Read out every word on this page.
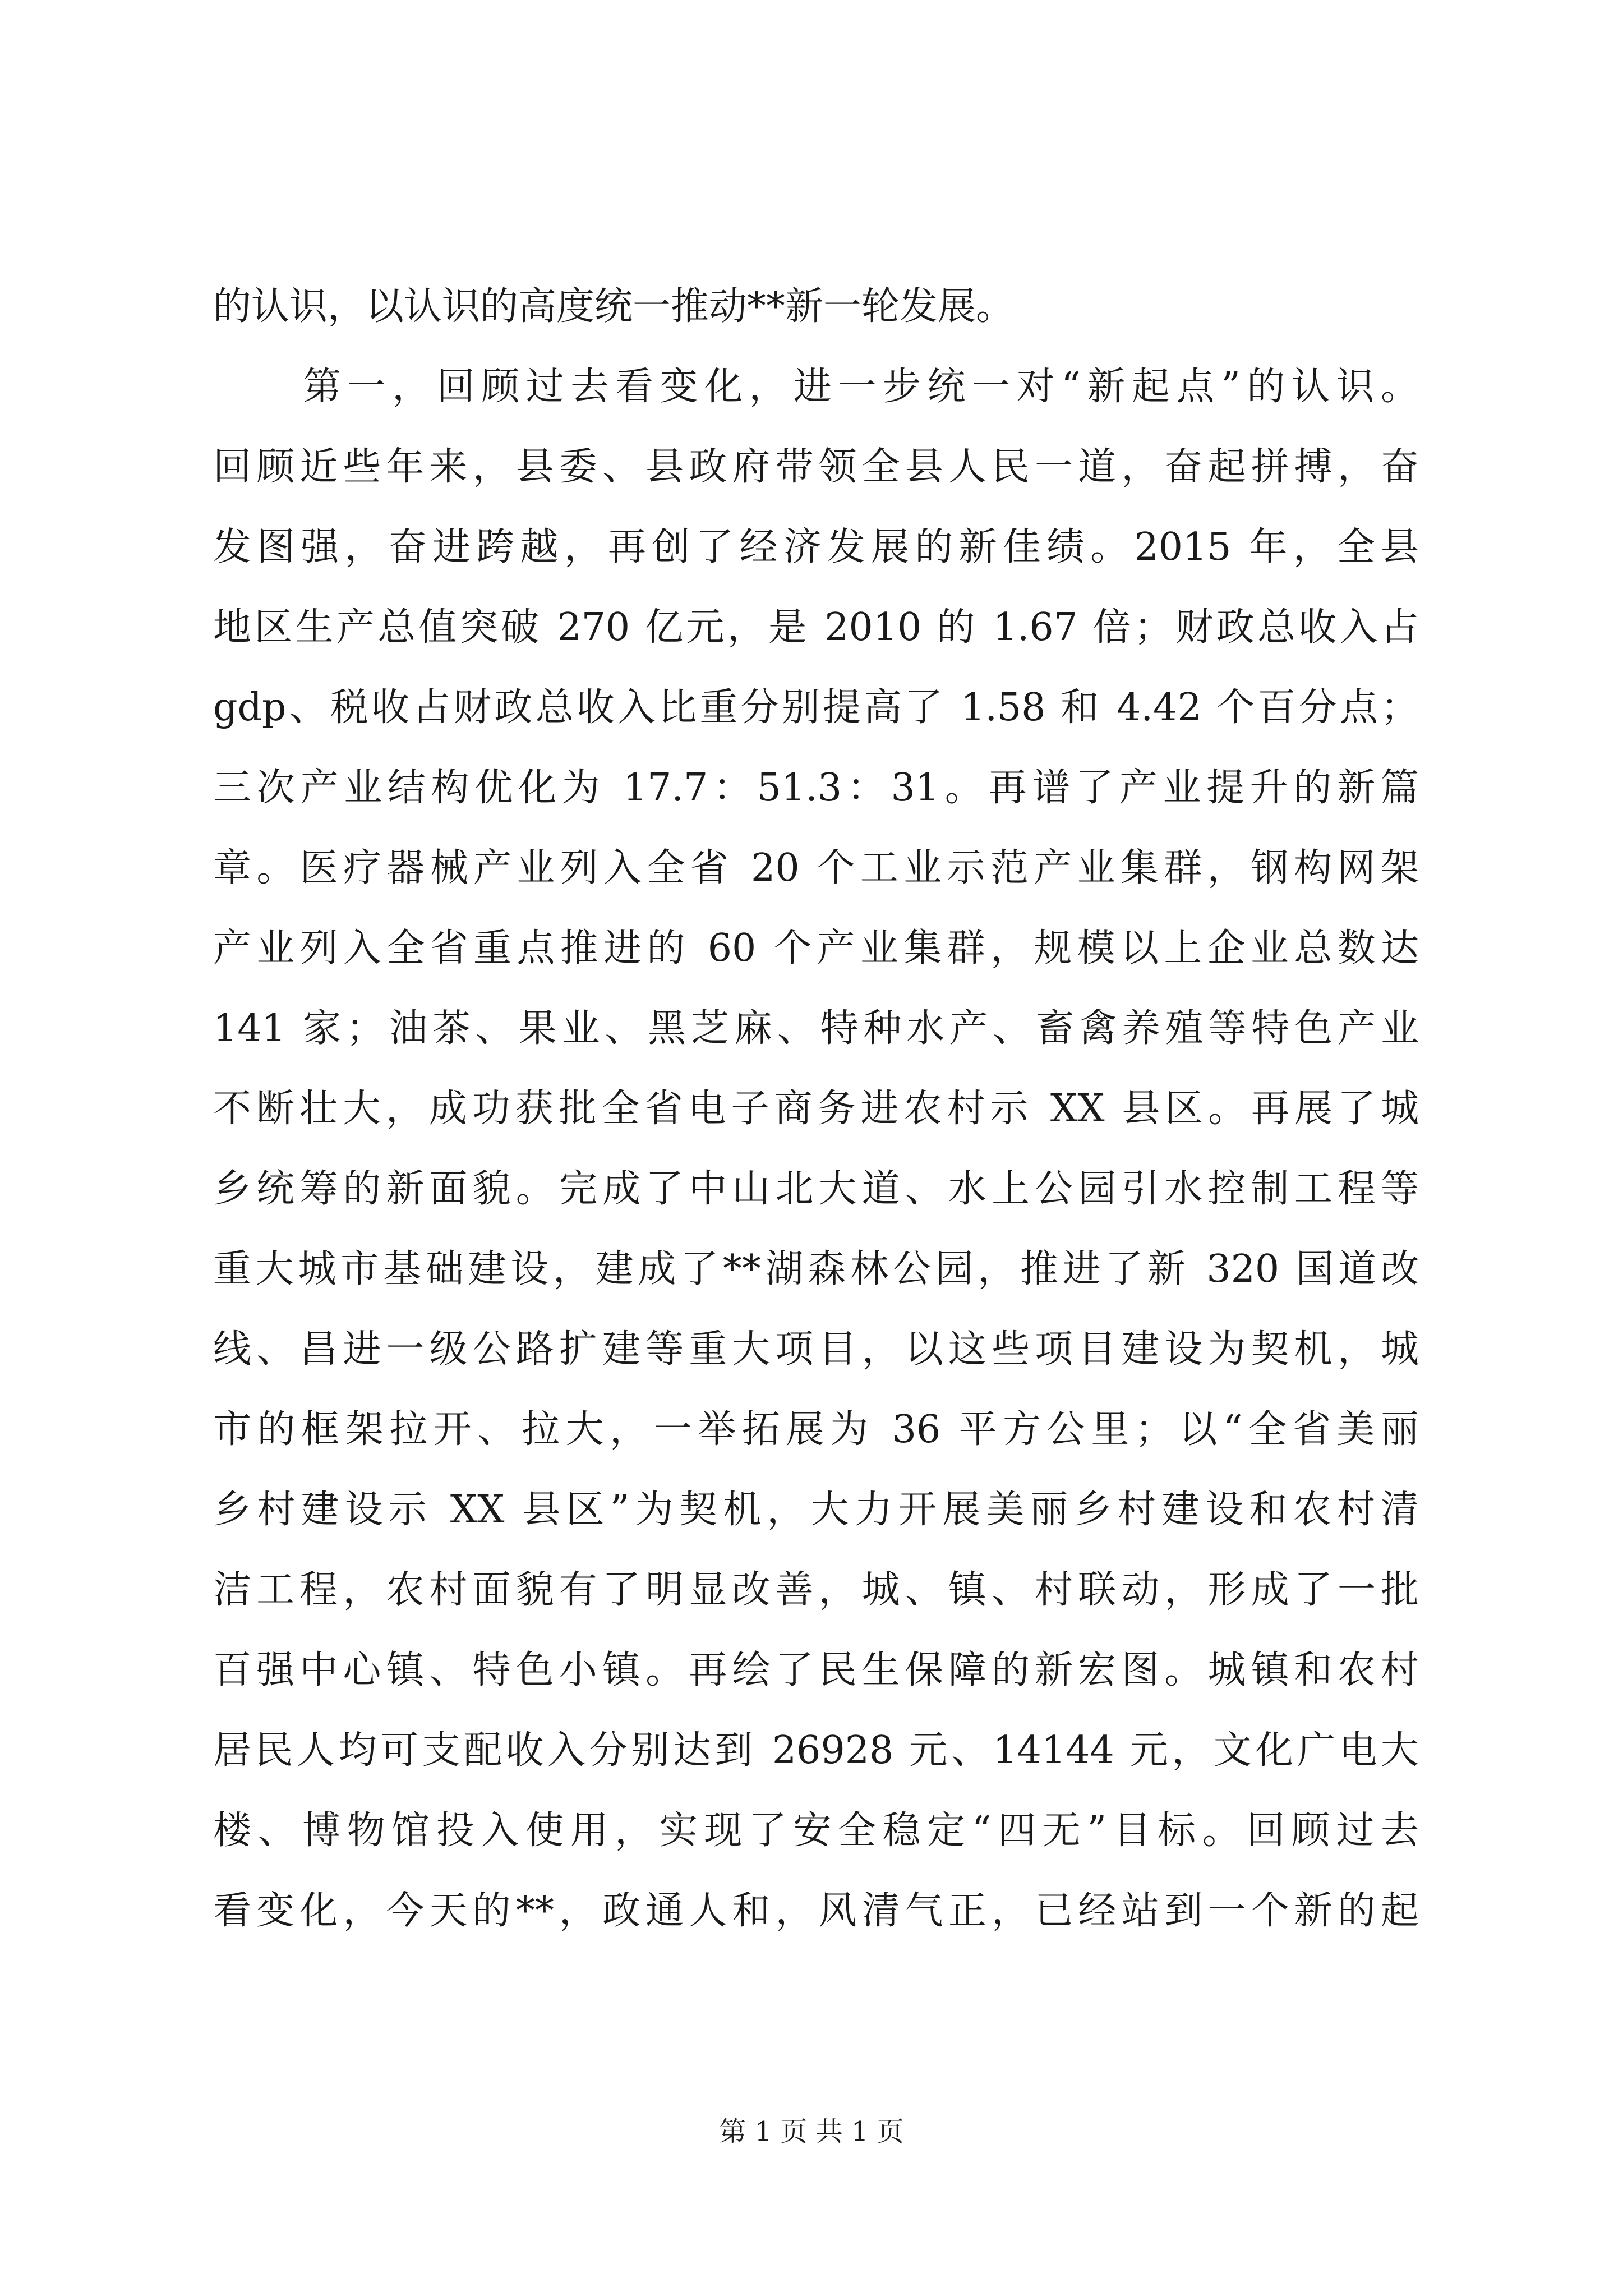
的认识，以认识的高度统一推动**新一轮发展。
第一，回顾过去看变化，进一步统一对“新起点”的认识。
回顾近些年来，县委、县政府带领全县人民一道，奋起拼搏，奋
发图强，奋进跨越，再创了经济发展的新佳绩。2015 年，全县
地区生产总值突破 270 亿元，是 2010 的 1.67 倍；财政总收入占
gdp、税收占财政总收入比重分别提高了 1.58 和 4.42 个百分点；
三次产业结构优化为 17.7：51.3：31。再谱了产业提升的新篇
章。医疗器械产业列入全省 20 个工业示范产业集群，钢构网架
产业列入全省重点推进的 60 个产业集群，规模以上企业总数达
141 家；油茶、果业、黑芝麻、特种水产、畜禽养殖等特色产业
不断壮大，成功获批全省电子商务进农村示 XX 县区。再展了城
乡统筹的新面貌。完成了中山北大道、水上公园引水控制工程等
重大城市基础建设，建成了**湖森林公园，推进了新 320 国道改
线、昌进一级公路扩建等重大项目，以这些项目建设为契机，城
市的框架拉开、拉大，一举拓展为 36 平方公里；以“全省美丽
乡村建设示 XX 县区”为契机，大力开展美丽乡村建设和农村清
洁工程，农村面貌有了明显改善，城、镇、村联动，形成了一批
百强中心镇、特色小镇。再绘了民生保障的新宏图。城镇和农村
居民人均可支配收入分别达到 26928 元、14144 元，文化广电大
楼、博物馆投入使用，实现了安全稳定“四无”目标。回顾过去
看变化，今天的**，政通人和，风清气正，已经站到一个新的起
第 1 页 共 1 页
